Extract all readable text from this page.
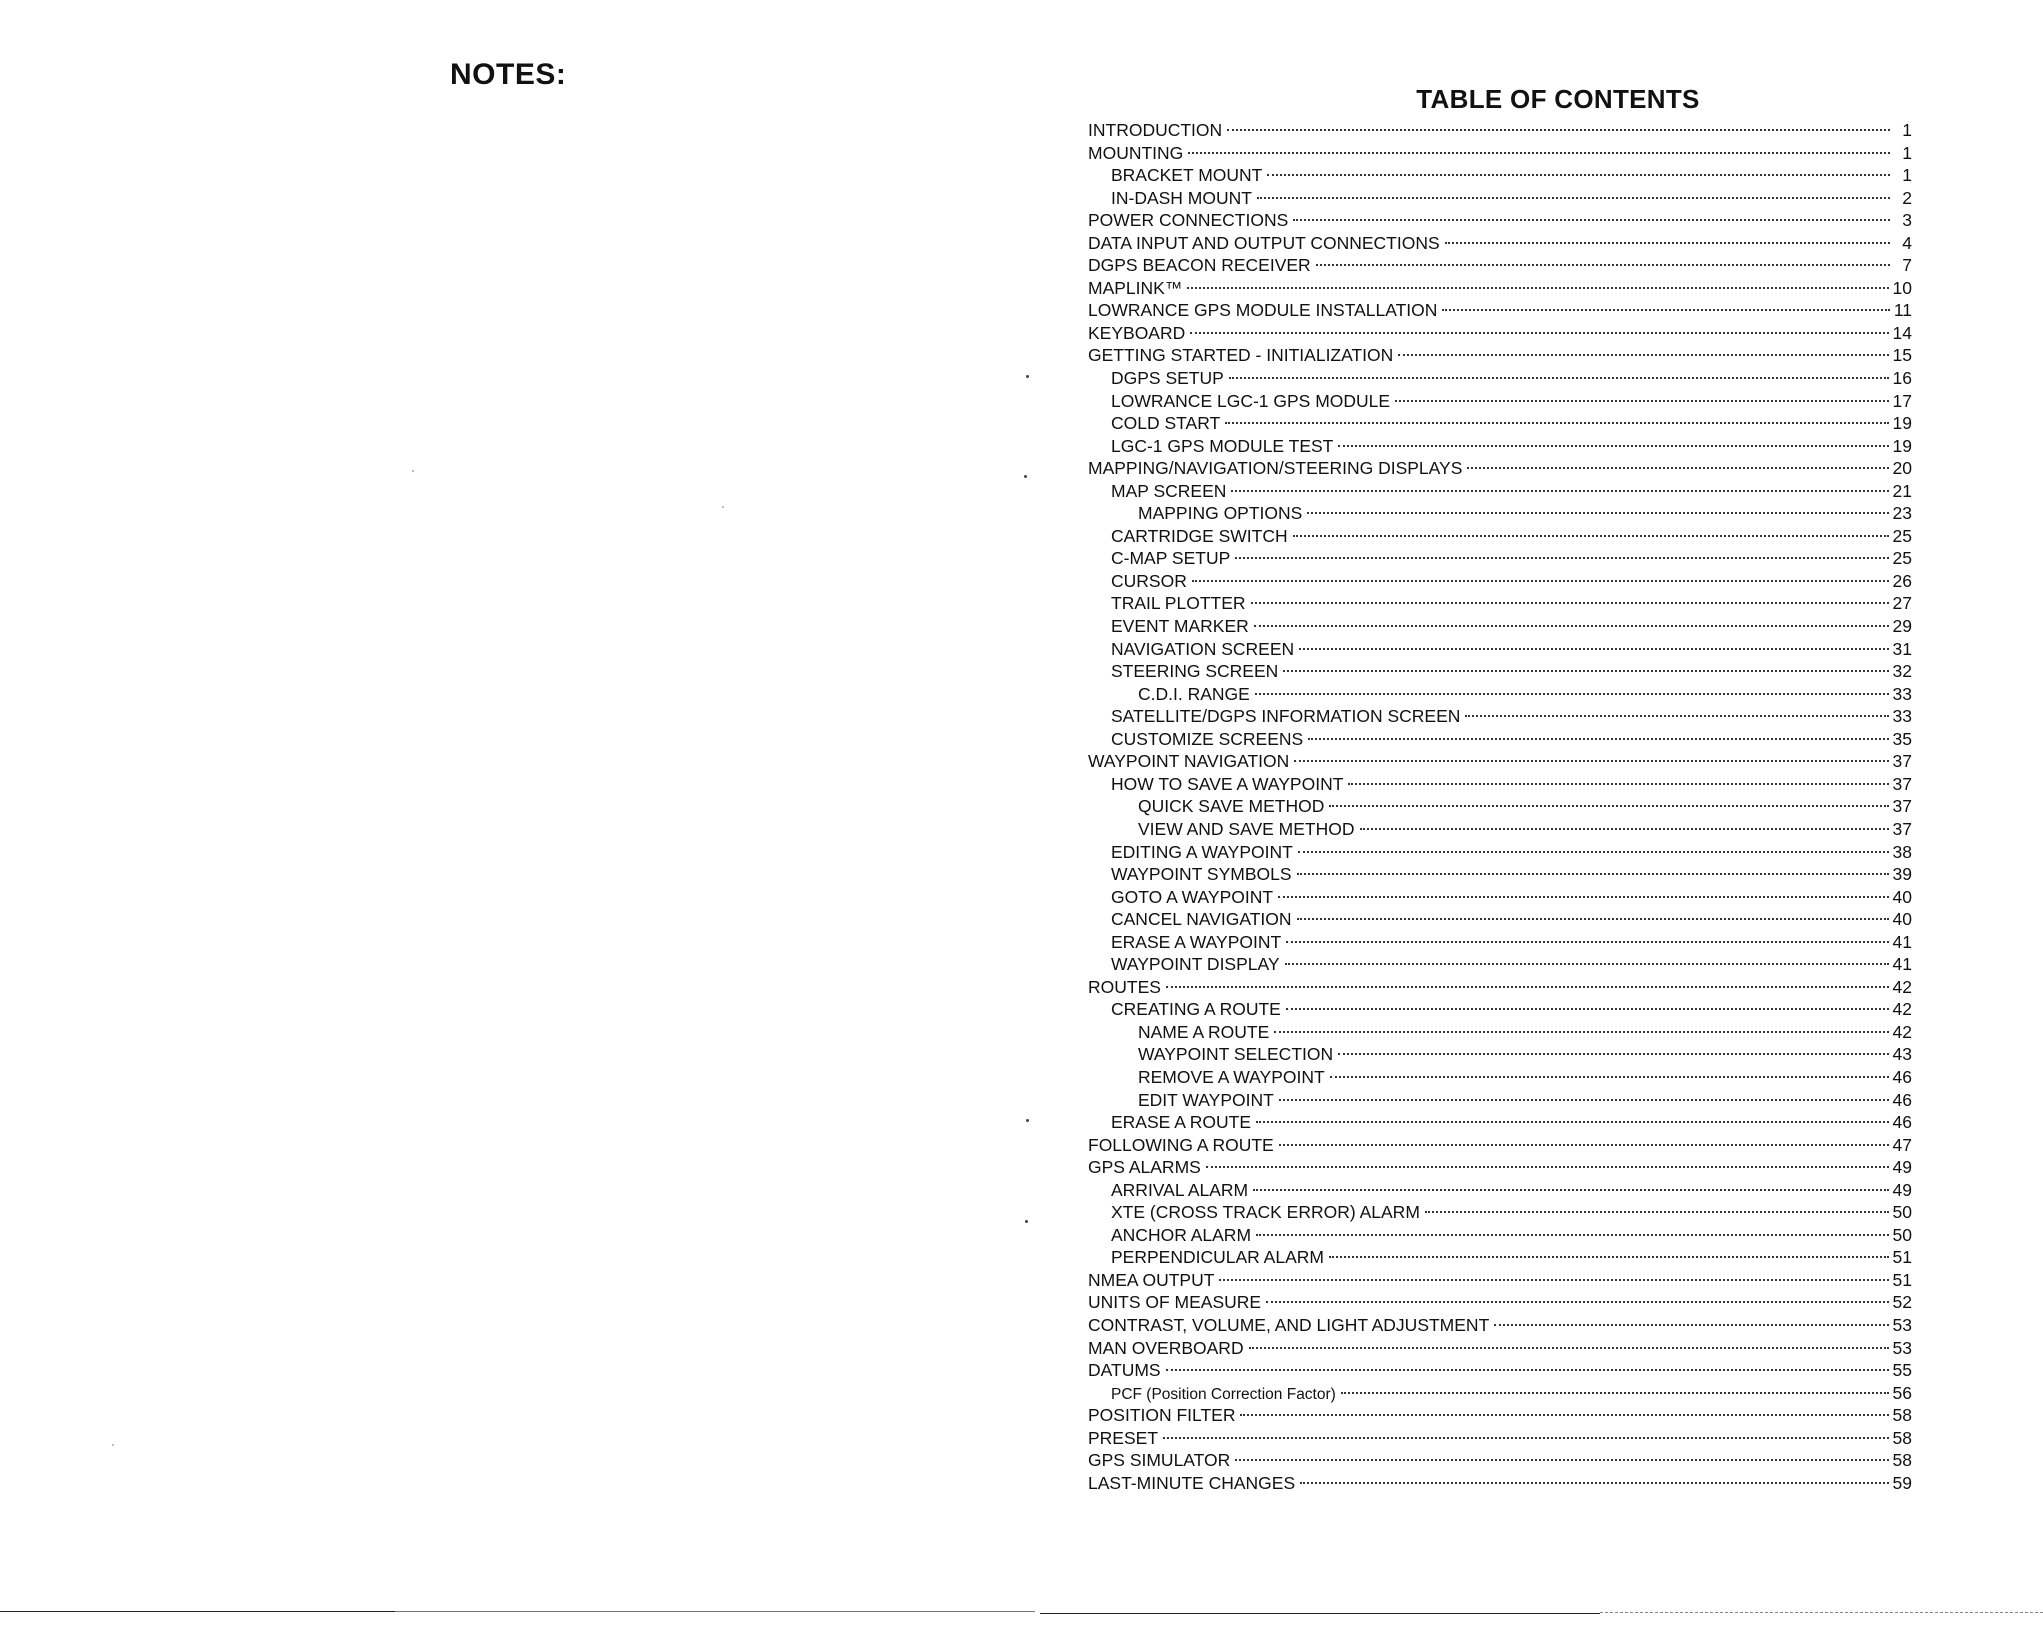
NOTES:
TABLE OF CONTENTS
INTRODUCTION	1
MOUNTING	1
BRACKET MOUNT	1
IN-DASH MOUNT	2
POWER CONNECTIONS	3
DATA INPUT AND OUTPUT CONNECTIONS	4
DGPS BEACON RECEIVER	7
MAPLINK™	10
LOWRANCE GPS MODULE INSTALLATION	11
KEYBOARD	14
GETTING STARTED - INITIALIZATION	15
DGPS SETUP	16
LOWRANCE LGC-1 GPS MODULE	17
COLD START	19
LGC-1 GPS MODULE TEST	19
MAPPING/NAVIGATION/STEERING DISPLAYS	20
MAP SCREEN	21
MAPPING OPTIONS	23
CARTRIDGE SWITCH	25
C-MAP SETUP	25
CURSOR	26
TRAIL PLOTTER	27
EVENT MARKER	29
NAVIGATION SCREEN	31
STEERING SCREEN	32
C.D.I. RANGE	33
SATELLITE/DGPS INFORMATION SCREEN	33
CUSTOMIZE SCREENS	35
WAYPOINT NAVIGATION	37
HOW TO SAVE A WAYPOINT	37
QUICK SAVE METHOD	37
VIEW AND SAVE METHOD	37
EDITING A WAYPOINT	38
WAYPOINT SYMBOLS	39
GOTO A WAYPOINT	40
CANCEL NAVIGATION	40
ERASE A WAYPOINT	41
WAYPOINT DISPLAY	41
ROUTES	42
CREATING A ROUTE	42
NAME A ROUTE	42
WAYPOINT SELECTION	43
REMOVE A WAYPOINT	46
EDIT WAYPOINT	46
ERASE A ROUTE	46
FOLLOWING A ROUTE	47
GPS ALARMS	49
ARRIVAL ALARM	49
XTE (CROSS TRACK ERROR) ALARM	50
ANCHOR ALARM	50
PERPENDICULAR ALARM	51
NMEA OUTPUT	51
UNITS OF MEASURE	52
CONTRAST, VOLUME, AND LIGHT ADJUSTMENT	53
MAN OVERBOARD	53
DATUMS	55
PCF (Position Correction Factor)	56
POSITION FILTER	58
PRESET	58
GPS SIMULATOR	58
LAST-MINUTE CHANGES	59
